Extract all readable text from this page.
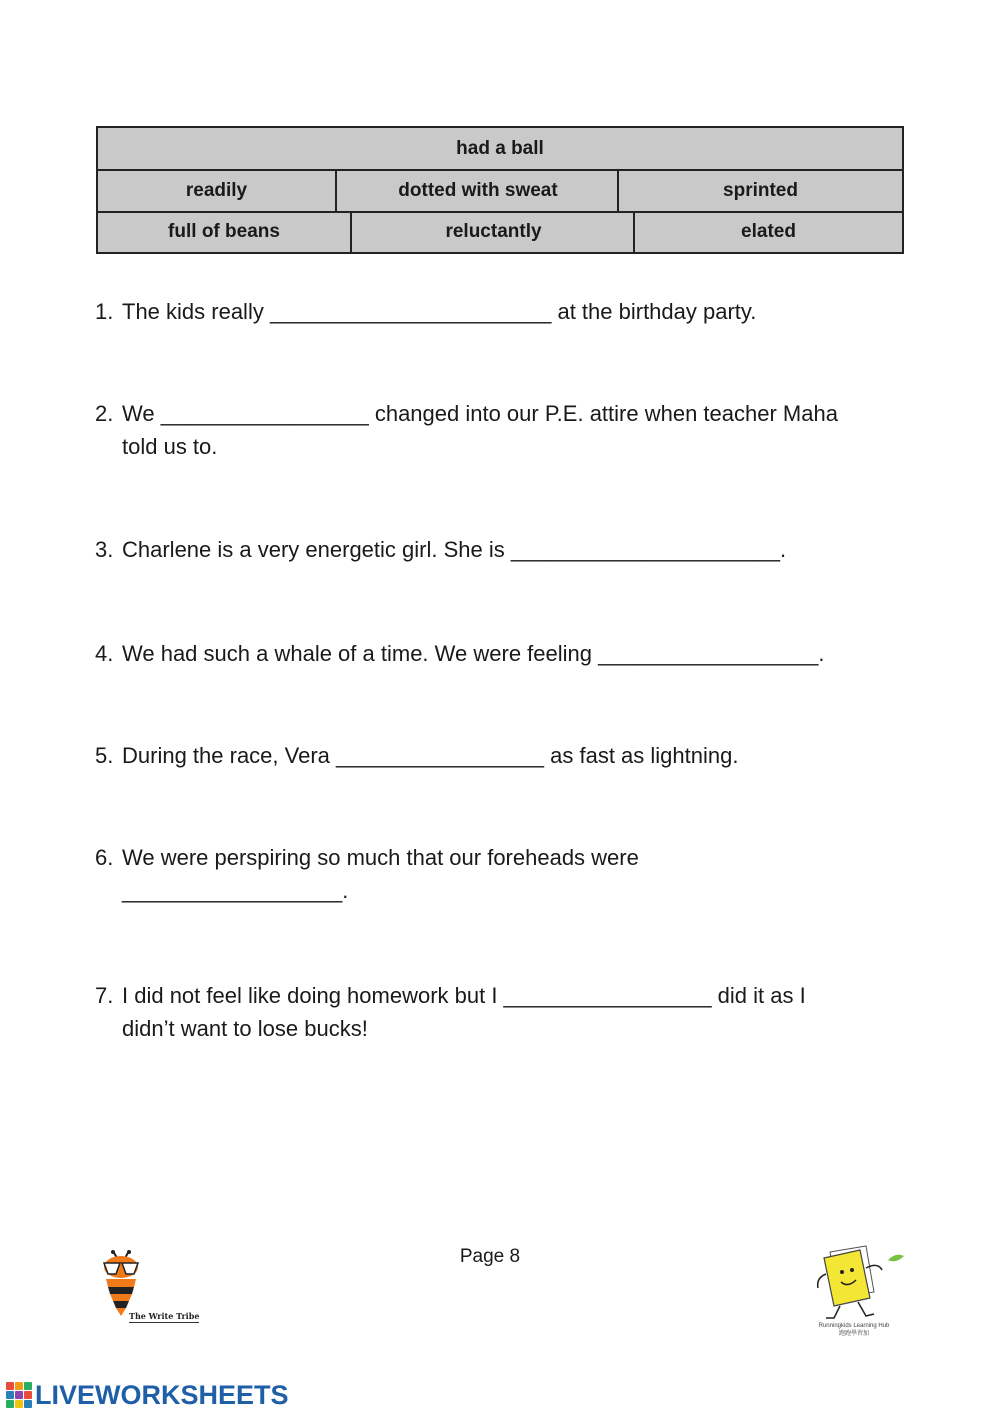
had a ball
readily	dotted with sweat	sprinted
full of beans	reluctantly	elated
1. The kids really _______________________ at the birthday party.
2. We _________________ changed into our P.E. attire when teacher Maha
told us to.
3. Charlene is a very energetic girl. She is ______________________.
4. We had such a whale of a time. We were feeling __________________.
5. During the race, Vera _________________ as fast as lightning.
6. We were perspiring so much that our foreheads were
__________________.
7. I did not feel like doing homework but I _________________ did it as I
didn’t want to lose bucks!
Page 8
The Write Tribe
Runningkids Learning Hub
跑跑學習加
LIVEWORKSHEETS
